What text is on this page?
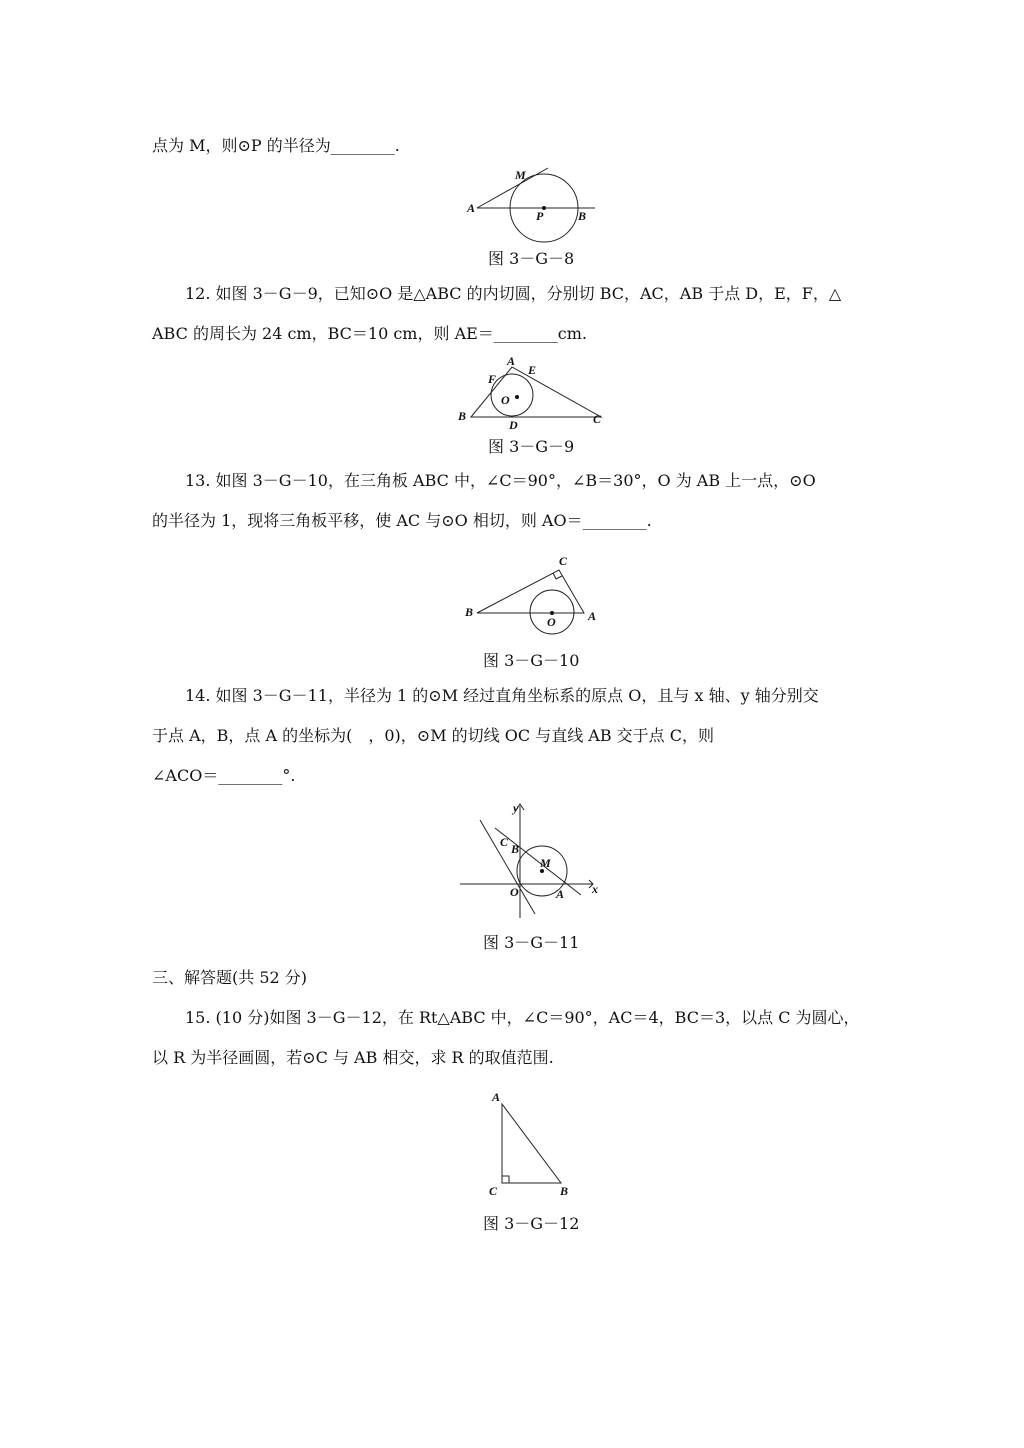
点为 M，则⊙P 的半径为________.
A
M
P	B
图 3－G－8
12. 如图 3－G－9，已知⊙O 是△ABC 的内切圆，分别切 BC，AC，AB 于点 D，E，F，△
ABC 的周长为 24 cm，BC＝10 cm，则 AE＝________cm.
A
E
F
O
B	C
D
图 3－G－9
13. 如图 3－G－10，在三角板 ABC 中，∠C＝90°，∠B＝30°，O 为 AB 上一点，⊙O
的半径为 1，现将三角板平移，使 AC 与⊙O 相切，则 AO＝________.
C
B
O	A
图 3－G－10
14. 如图 3－G－11，半径为 1 的⊙M 经过直角坐标系的原点 O，且与 x 轴、y 轴分别交
于点 A，B，点 A 的坐标为(　，0)，⊙M 的切线 OC 与直线 AB 交于点 C，则
∠ACO＝________°.
y
x
C B
M
O	A
图 3－G－11
三、解答题(共 52 分)
15. (10 分)如图 3－G－12，在 Rt△ABC 中，∠C＝90°，AC＝4，BC＝3，以点 C 为圆心，
以 R 为半径画圆，若⊙C 与 AB 相交，求 R 的取值范围.
A
C	B
图 3－G－12
